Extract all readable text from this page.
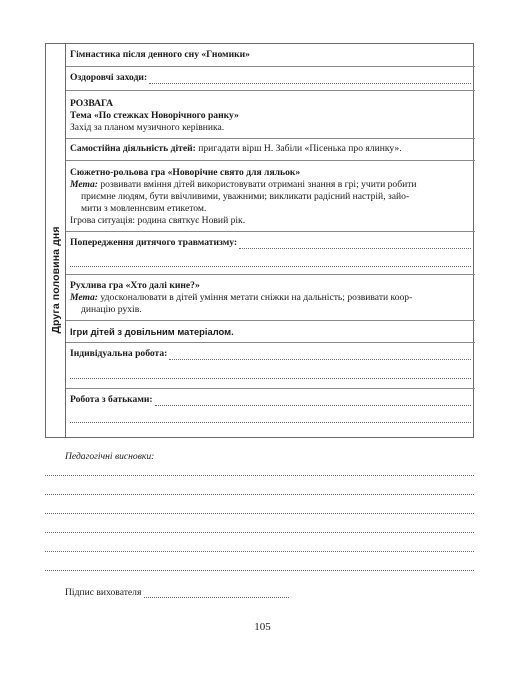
Друга половина дня
Гімнастика після денного сну «Гномики»
Оздоровчі заходи:
РОЗВАГА
Тема «По стежках Новорічного ранку»
Захід за планом музичного керівника.
Самостійна діяльність дітей: пригадати вірш Н. Забіли «Пісенька про ялинку».
Сюжетно-рольова гра «Новорічне свято для ляльок»
Мета: розвивати вміння дітей використовувати отримані знання в грі; учити робити
приємне людям, бути ввічливими, уважними; викликати радісний настрій, зайо-
мити з мовленнєвим етикетом.
Ігрова ситуація: родина святкує Новий рік.
Попередження дитячого травматизму:
Рухлива гра «Хто далі кине?»
Мета: удосконалювати в дітей уміння метати сніжки на дальність; розвивати коор-
динацію рухів.
Ігри дітей з довільним матеріалом.
Індивідуальна робота:
Робота з батьками:
Педагогічні висновки:
Підпис вихователя
105
